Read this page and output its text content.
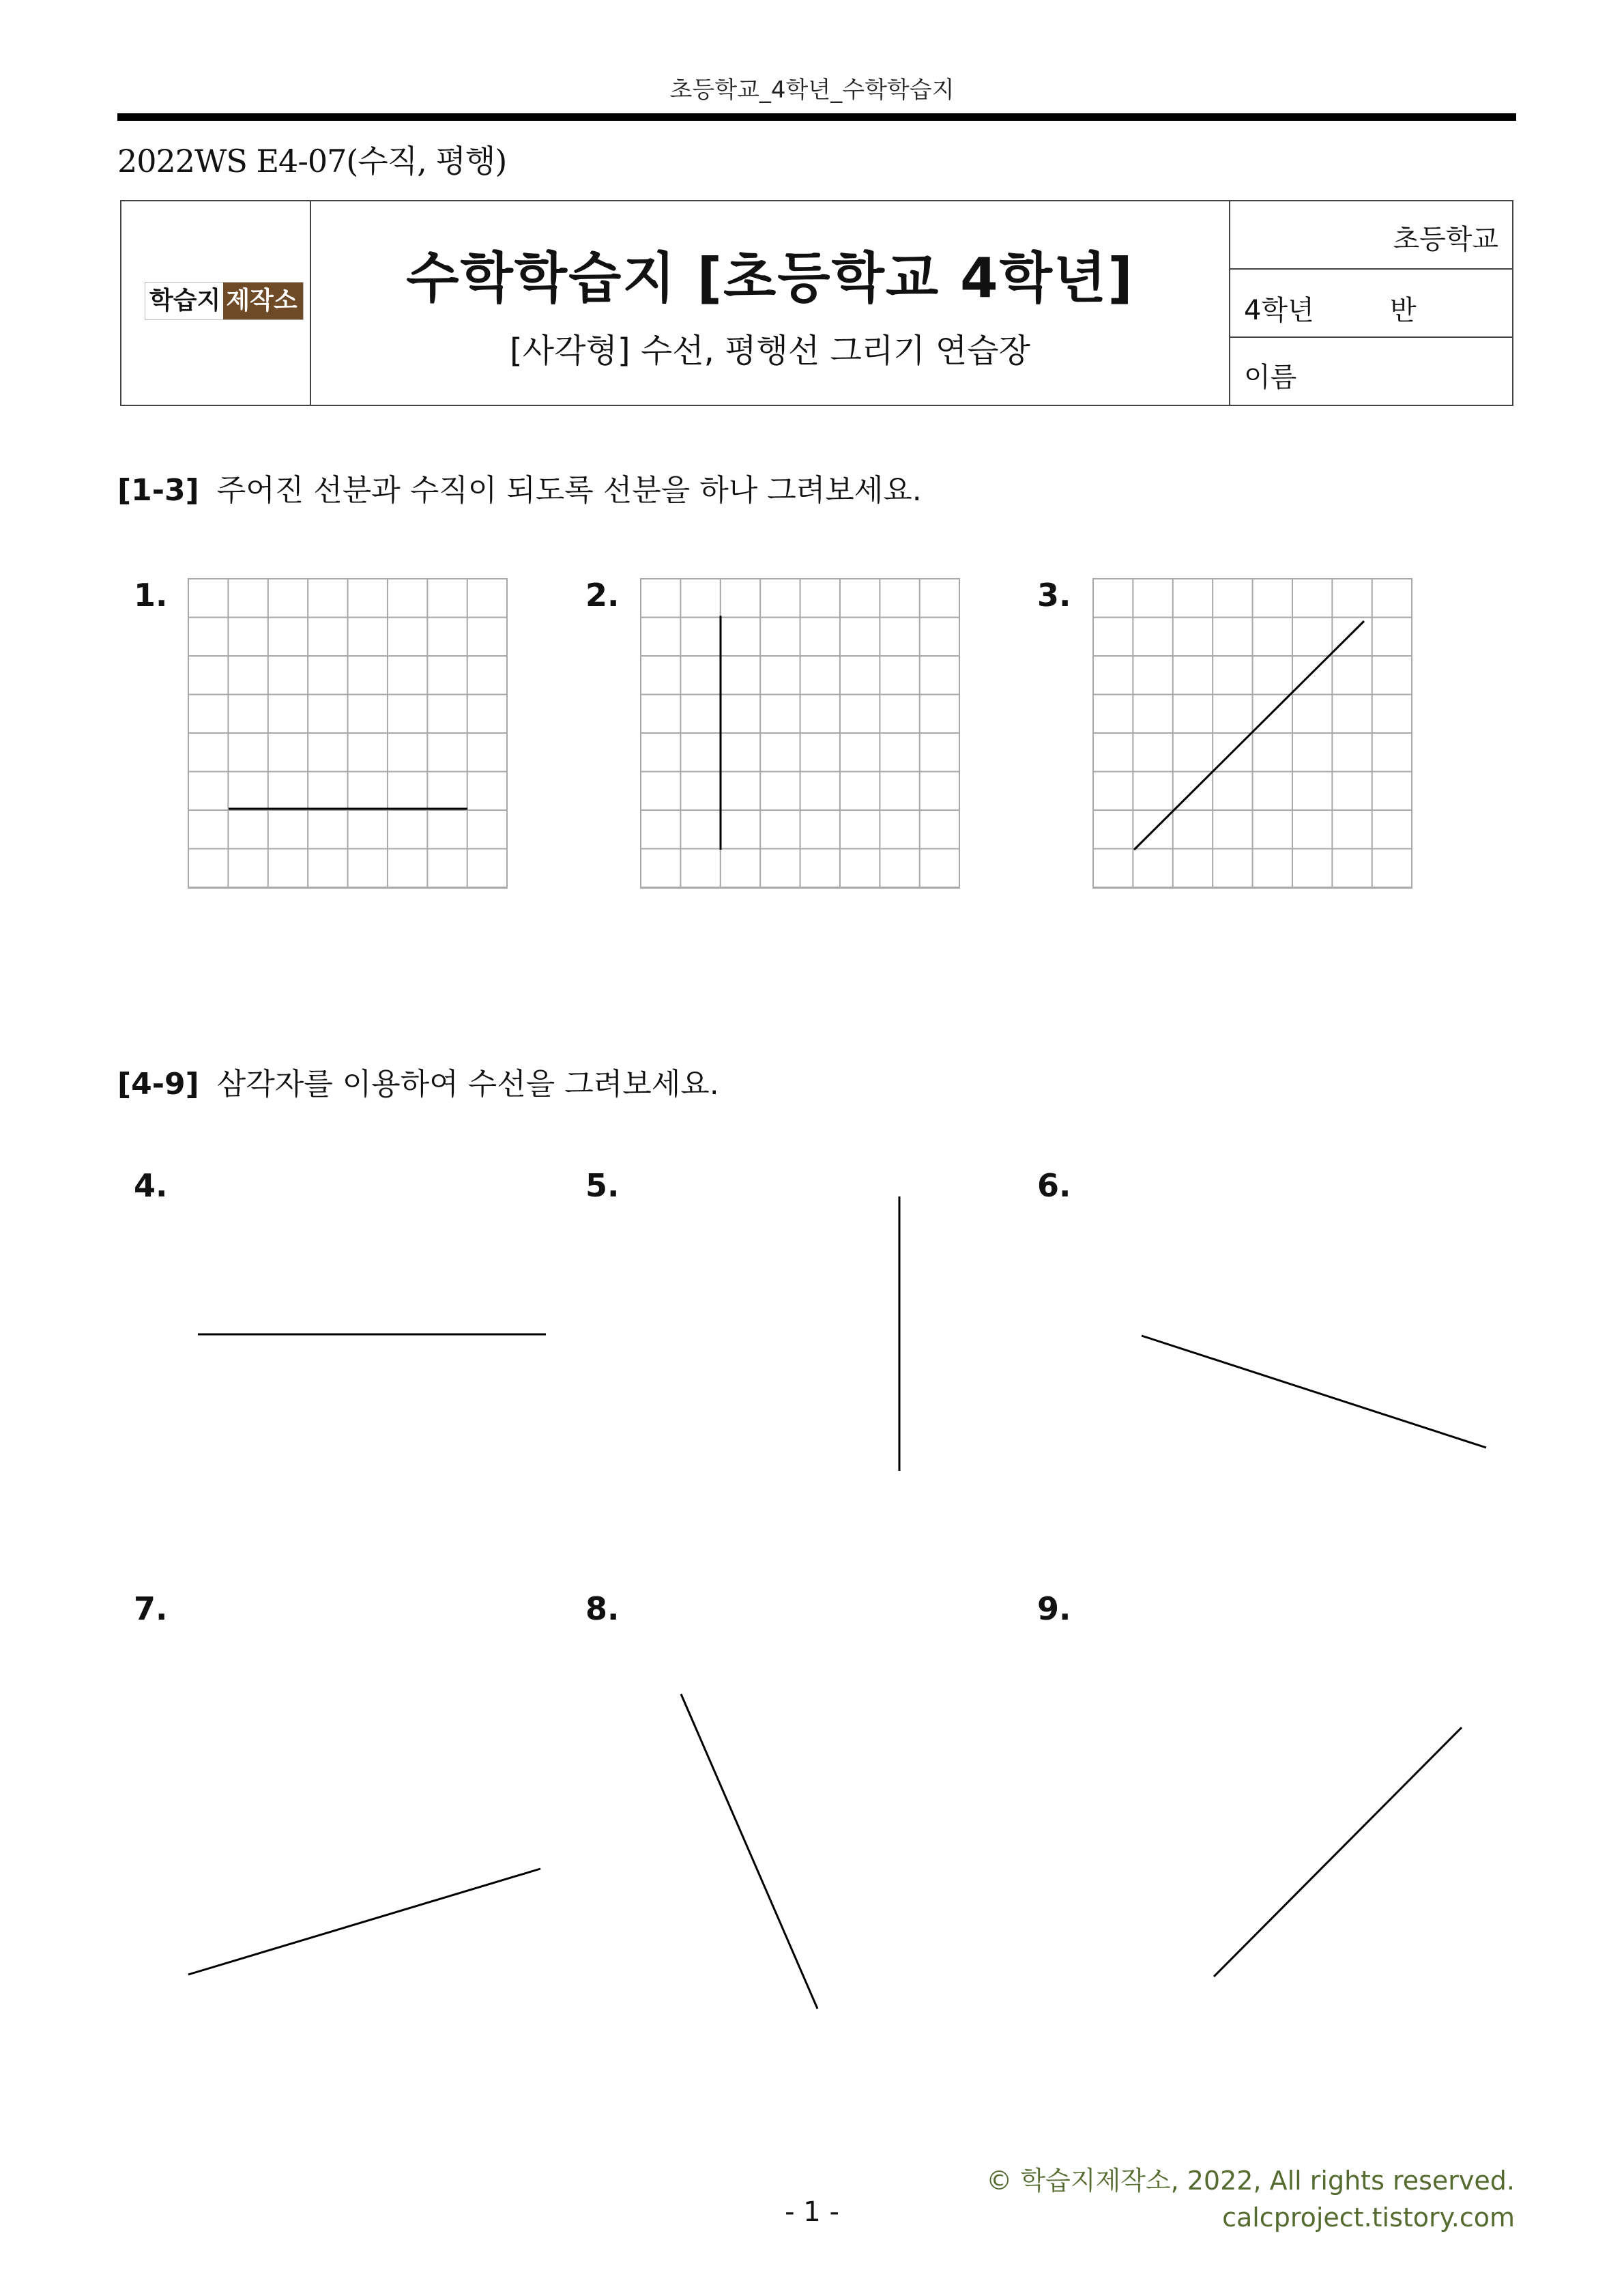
초등학교_4학년_수학학습지
2022WS E4-07(수직, 평행)
학습지 제작소	수학학습지 [초등학교 4학년]
[사각형] 수선, 평행선 그리기 연습장
초등학교
4학년	반
이름
[1-3] 주어진 선분과 수직이 되도록 선분을 하나 그려보세요.
1.	2.	3.
[4-9] 삼각자를 이용하여 수선을 그려보세요.
4.	5.	6.
7.	8.	9.
© 학습지제작소, 2022, All rights reserved.
calcproject.tistory.com
- 1 -
